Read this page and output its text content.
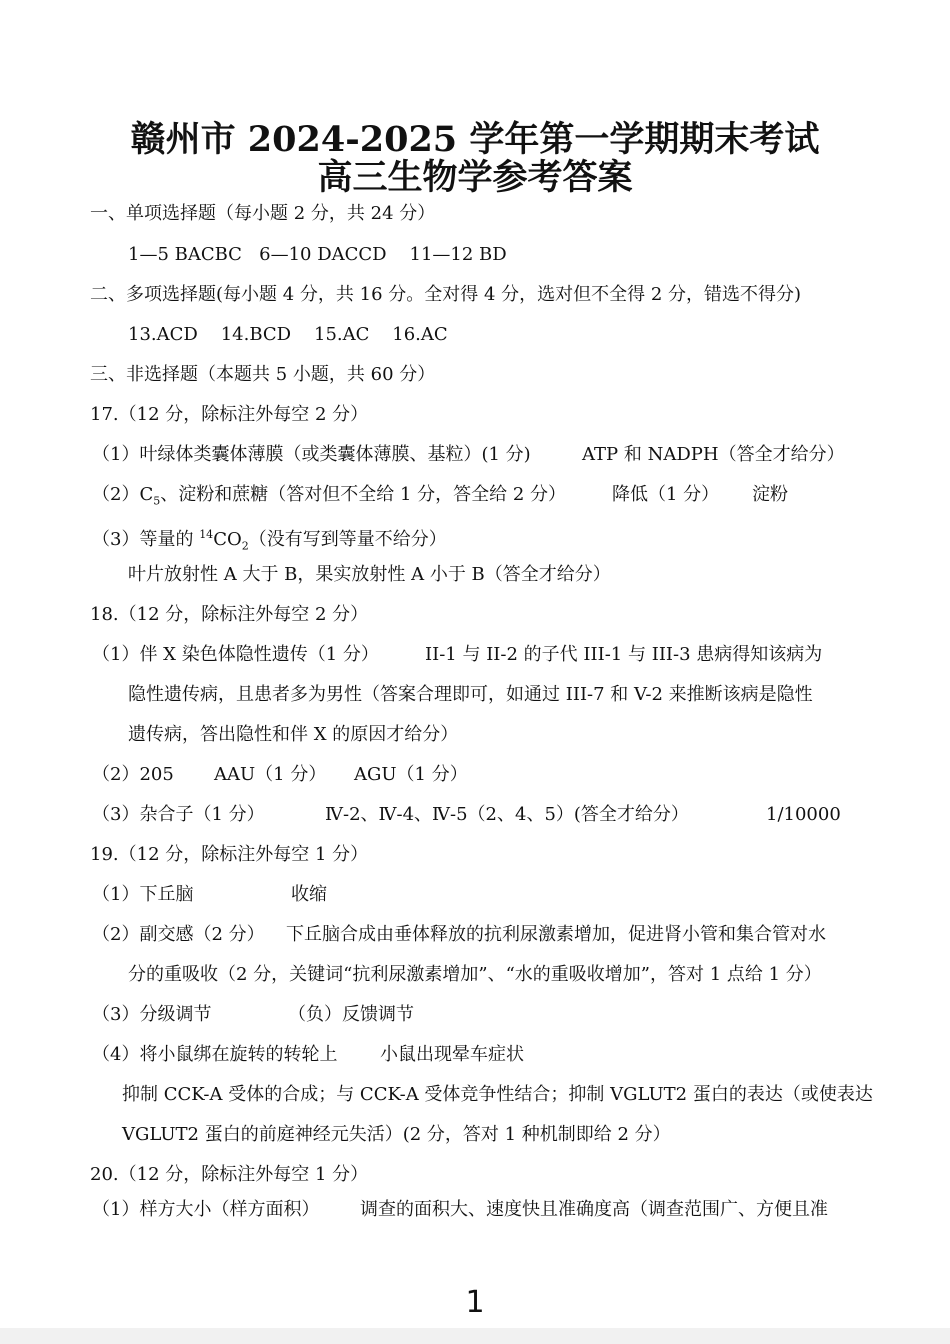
赣州市 2024-2025 学年第一学期期末考试
高三生物学参考答案
一、单项选择题（每小题 2 分，共 24 分）
1—5 BACBC   6—10 DACCD    11—12 BD
二、多项选择题(每小题 4 分，共 16 分。全对得 4 分，选对但不全得 2 分，错选不得分)
13.ACD    14.BCD    15.AC    16.AC
三、非选择题（本题共 5 小题，共 60 分）
17.（12 分，除标注外每空 2 分）
（1）叶绿体类囊体薄膜（或类囊体薄膜、基粒）(1 分)	ATP 和 NADPH（答全才给分）
$(2)C_5$、淀粉和蔗糖（答对但不全给 1 分，答全给 2 分）	降低（1 分） 淀粉
（3）等量的 $^{14}CO_2$（没有写到等量不给分）
叶片放射性 A 大于 B，果实放射性 A 小于 B（答全才给分）
18.（12 分，除标注外每空 2 分）
（1）伴 X 染色体隐性遗传（1 分）	II-1 与 II-2 的子代 III-1 与 III-3 患病得知该病为
隐性遗传病，且患者多为男性（答案合理即可，如通过 III-7 和 V-2 来推断该病是隐性
遗传病，答出隐性和伴 X 的原因才给分）
（2）205 AAU（1 分） AGU（1 分）
（3）杂合子（1 分）	Ⅳ-2、Ⅳ-4、Ⅳ-5（2、4、5）(答全才给分）	1/10000
19.（12 分，除标注外每空 1 分）
（1）下丘脑	收缩
（2）副交感（2 分） 下丘脑合成由垂体释放的抗利尿激素增加，促进肾小管和集合管对水
分的重吸收（2 分，关键词“抗利尿激素增加”、“水的重吸收增加”，答对 1 点给 1 分）
（3）分级调节	（负）反馈调节
（4）将小鼠绑在旋转的转轮上 小鼠出现晕车症状
抑制 CCK-A 受体的合成；与 CCK-A 受体竞争性结合；抑制 VGLUT2 蛋白的表达（或使表达
VGLUT2 蛋白的前庭神经元失活）(2 分，答对 1 种机制即给 2 分）
20.（12 分，除标注外每空 1 分）
（1）样方大小（样方面积） 调查的面积大、速度快且准确度高（调查范围广、方便且准
1
